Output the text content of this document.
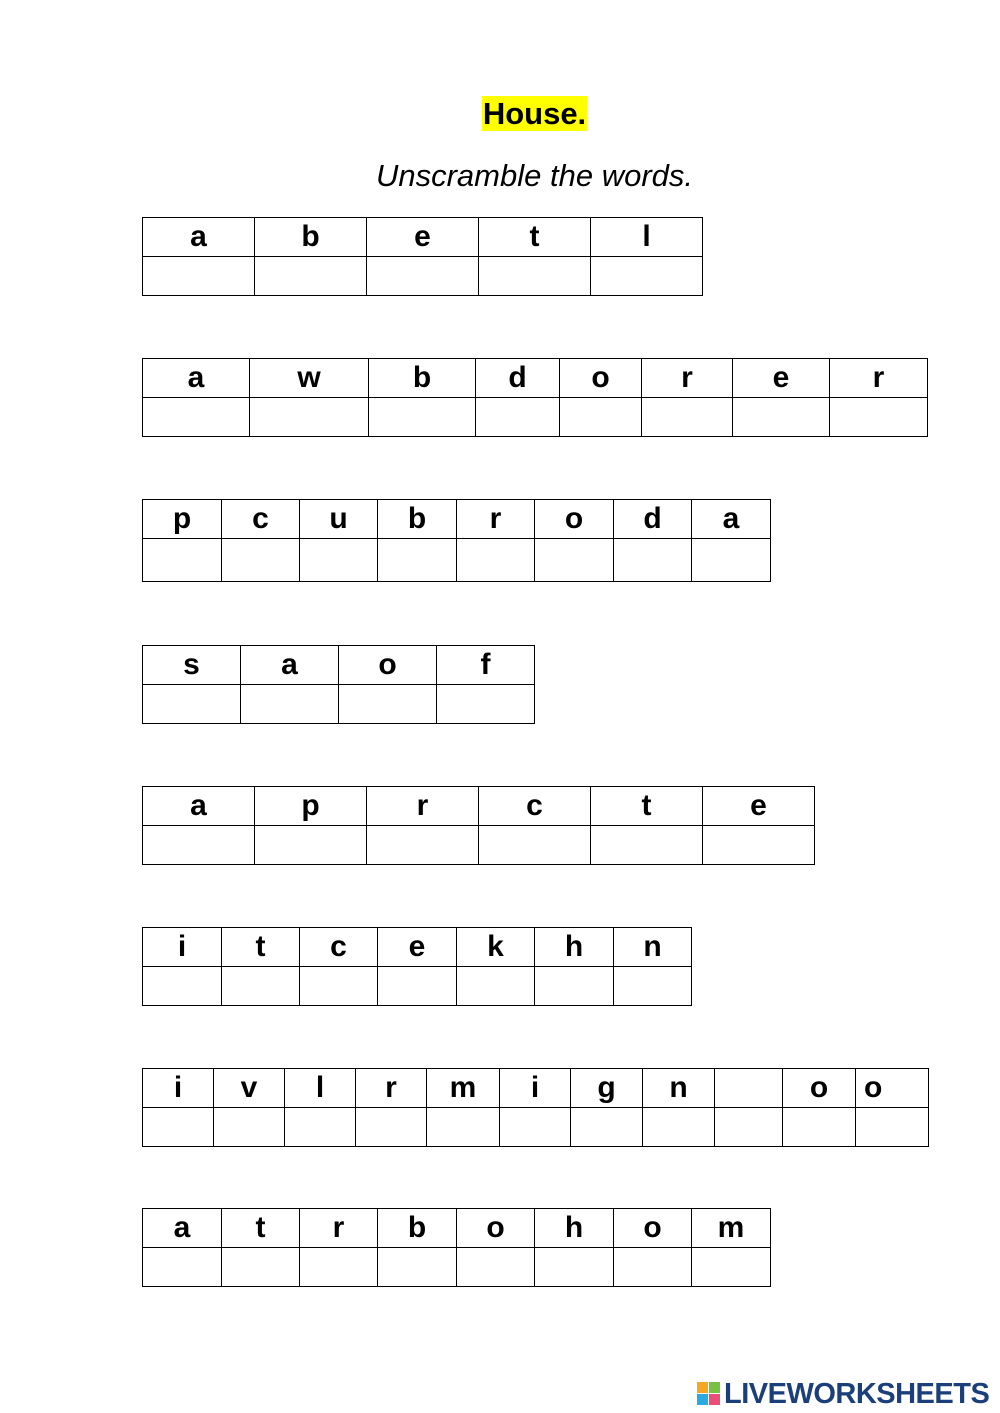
House.
Unscramble the words.
a	b	e	t	l

a	w	b	d	o	r	e	r

p	c	u	b	r	o	d	a

s	a	o	f

a	p	r	c	t	e

i	t	c	e	k	h	n

i	v	l	r	m	i	g	n		o	o

a	t	r	b	o	h	o	m

LIVEWORKSHEETS
